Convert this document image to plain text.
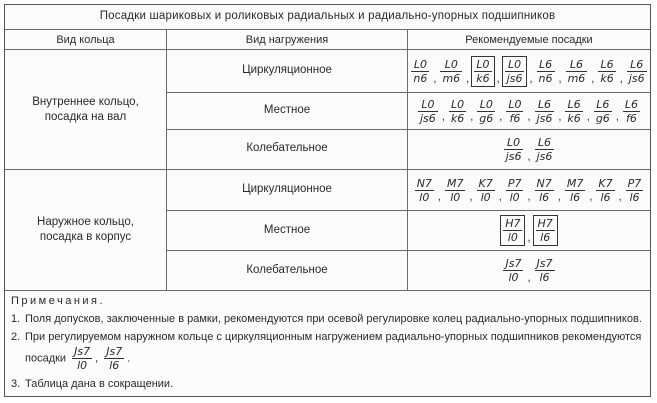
Посадки шариковых и роликовых радиальных и радиально-упорных подшипников
Вид кольца	Вид нагружения	Рекомендуемые посадки
Внутреннее кольцо,
посадка на вал
Циркуляционное
Местное
Колебательное
$\frac{L0}{n6}$ , $\frac{L0}{m6}$ , $\frac{L0}{k6}$ , $\frac{L0}{js6}$ , $\frac{L6}{n6}$ , $\frac{L6}{m6}$ , $\frac{L6}{k6}$ , $\frac{L6}{js6}$
$\frac{L0}{js6}$ , $\frac{L0}{k6}$ , $\frac{L0}{g6}$ , $\frac{L0}{f6}$ , $\frac{L6}{js6}$ , $\frac{L6}{k6}$ , $\frac{L6}{g6}$ , $\frac{L6}{f6}$
$\frac{L0}{js6}$ , $\frac{L6}{js6}$
Наружное кольцо,
посадка в корпус
Циркуляционное
Местное
Колебательное
$\frac{N7}{l0}$ , $\frac{M7}{l0}$ , $\frac{K7}{l0}$ , $\frac{P7}{l0}$ , $\frac{N7}{l6}$ , $\frac{M7}{l6}$ , $\frac{K7}{l6}$ , $\frac{P7}{l6}$
$\frac{H7}{l0}$ , $\frac{H7}{l6}$
$\frac{Js7}{l0}$ , $\frac{Js7}{l6}$
Примечания.
1. Поля допусков, заключенные в рамки, рекомендуются при осевой регулировке колец радиально-упорных подшипников.
2. При регулируемом наружном кольце с циркуляционным нагружением радиально-упорных подшипников рекомендуются посадки $\frac{Js7}{l0}$ , $\frac{Js7}{l6}$ .
3. Таблица дана в сокращении.
